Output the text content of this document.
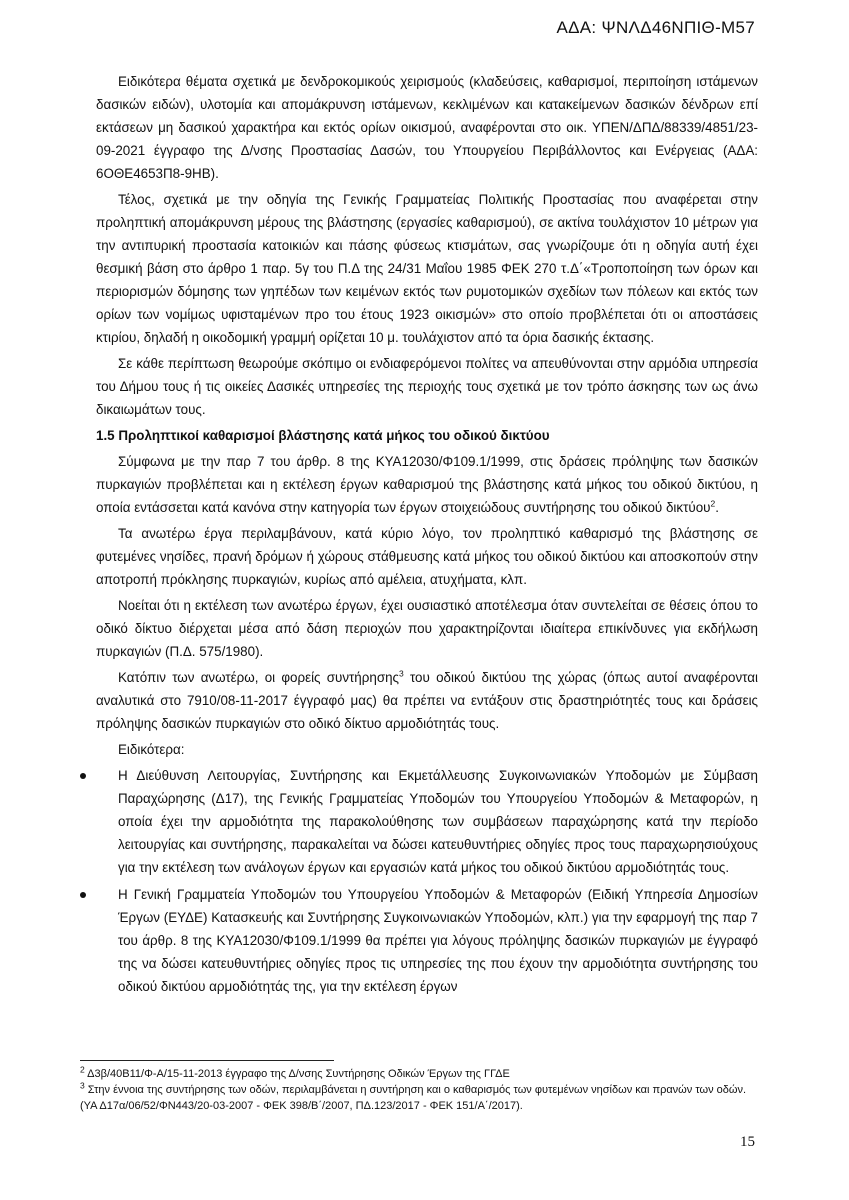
ΑΔΑ: ΨΝΛΔ46ΝΠΙΘ-Μ57

Ειδικότερα θέματα σχετικά με δενδροκομικούς χειρισμούς (κλαδεύσεις, καθαρισμοί, περιποίηση ιστάμενων δασικών ειδών), υλοτομία και απομάκρυνση ιστάμενων, κεκλιμένων και κατακείμενων δασικών δένδρων επί εκτάσεων μη δασικού χαρακτήρα και εκτός ορίων οικισμού, αναφέρονται στο οικ. ΥΠΕΝ/ΔΠΔ/88339/4851/23-09-2021 έγγραφο της Δ/νσης Προστασίας Δασών, του Υπουργείου Περιβάλλοντος και Ενέργειας (ΑΔΑ: 6ΟΘΕ4653Π8-9ΗΒ).

Τέλος, σχετικά με την οδηγία της Γενικής Γραμματείας Πολιτικής Προστασίας που αναφέρεται στην προληπτική απομάκρυνση μέρους της βλάστησης (εργασίες καθαρισμού), σε ακτίνα τουλάχιστον 10 μέτρων για την αντιπυρική προστασία κατοικιών και πάσης φύσεως κτισμάτων, σας γνωρίζουμε ότι η οδηγία αυτή έχει θεσμική βάση στο άρθρο 1 παρ. 5γ του Π.Δ της 24/31 Μαΐου 1985 ΦΕΚ 270 τ.Δ΄«Τροποποίηση των όρων και περιορισμών δόμησης των γηπέδων των κειμένων εκτός των ρυμοτομικών σχεδίων των πόλεων και εκτός των ορίων των νομίμως υφισταμένων προ του έτους 1923 οικισμών» στο οποίο προβλέπεται ότι οι αποστάσεις κτιρίου, δηλαδή η οικοδομική γραμμή ορίζεται 10 μ. τουλάχιστον από τα όρια δασικής έκτασης.

Σε κάθε περίπτωση θεωρούμε σκόπιμο οι ενδιαφερόμενοι πολίτες να απευθύνονται στην αρμόδια υπηρεσία του Δήμου τους ή τις οικείες Δασικές υπηρεσίες της περιοχής τους σχετικά με τον τρόπο άσκησης των ως άνω δικαιωμάτων τους.

1.5 Προληπτικοί καθαρισμοί βλάστησης κατά μήκος του οδικού δικτύου

Σύμφωνα με την παρ 7 του άρθρ. 8 της ΚΥΑ12030/Φ109.1/1999, στις δράσεις πρόληψης των δασικών πυρκαγιών προβλέπεται και η εκτέλεση έργων καθαρισμού της βλάστησης κατά μήκος του οδικού δικτύου, η οποία εντάσσεται κατά κανόνα στην κατηγορία των έργων στοιχειώδους συντήρησης του οδικού δικτύου$^2$.

Τα ανωτέρω έργα περιλαμβάνουν, κατά κύριο λόγο, τον προληπτικό καθαρισμό της βλάστησης σε φυτεμένες νησίδες, πρανή δρόμων ή χώρους στάθμευσης κατά μήκος του οδικού δικτύου και αποσκοπούν στην αποτροπή πρόκλησης πυρκαγιών, κυρίως από αμέλεια, ατυχήματα, κλπ.

Νοείται ότι η εκτέλεση των ανωτέρω έργων, έχει ουσιαστικό αποτέλεσμα όταν συντελείται σε θέσεις όπου το οδικό δίκτυο διέρχεται μέσα από δάση περιοχών που χαρακτηρίζονται ιδιαίτερα επικίνδυνες για εκδήλωση πυρκαγιών (Π.Δ. 575/1980).

Κατόπιν των ανωτέρω, οι φορείς συντήρησης$^3$ του οδικού δικτύου της χώρας (όπως αυτοί αναφέρονται αναλυτικά στο 7910/08-11-2017 έγγραφό μας) θα πρέπει να εντάξουν στις δραστηριότητές τους και δράσεις πρόληψης δασικών πυρκαγιών στο οδικό δίκτυο αρμοδιότητάς τους.

Ειδικότερα:

Η Διεύθυνση Λειτουργίας, Συντήρησης και Εκμετάλλευσης Συγκοινωνιακών Υποδομών με Σύμβαση Παραχώρησης (Δ17), της Γενικής Γραμματείας Υποδομών του Υπουργείου Υποδομών & Μεταφορών, η οποία έχει την αρμοδιότητα της παρακολούθησης των συμβάσεων παραχώρησης κατά την περίοδο λειτουργίας και συντήρησης, παρακαλείται να δώσει κατευθυντήριες οδηγίες προς τους παραχωρησιούχους για την εκτέλεση των ανάλογων έργων και εργασιών κατά μήκος του οδικού δικτύου αρμοδιότητάς τους.
Η Γενική Γραμματεία Υποδομών του Υπουργείου Υποδομών & Μεταφορών (Ειδική Υπηρεσία Δημοσίων Έργων (ΕΥΔΕ) Κατασκευής και Συντήρησης Συγκοινωνιακών Υποδομών, κλπ.) για την εφαρμογή της παρ 7 του άρθρ. 8 της ΚΥΑ12030/Φ109.1/1999 θα πρέπει για λόγους πρόληψης δασικών πυρκαγιών με έγγραφό της να δώσει κατευθυντήριες οδηγίες προς τις υπηρεσίες της που έχουν την αρμοδιότητα συντήρησης του οδικού δικτύου αρμοδιότητάς της, για την εκτέλεση έργων
$^2$ Δ3β/40Β11/Φ-Α/15-11-2013 έγγραφο της Δ/νσης Συντήρησης Οδικών Έργων της ΓΓΔΕ
$^3$ Στην έννοια της συντήρησης των οδών, περιλαμβάνεται η συντήρηση και ο καθαρισμός των φυτεμένων νησίδων και πρανών των οδών. (ΥΑ Δ17α/06/52/ΦΝ443/20-03-2007 - ΦΕΚ 398/Β΄/2007, ΠΔ.123/2017 - ΦΕΚ 151/Α΄/2017).
15
